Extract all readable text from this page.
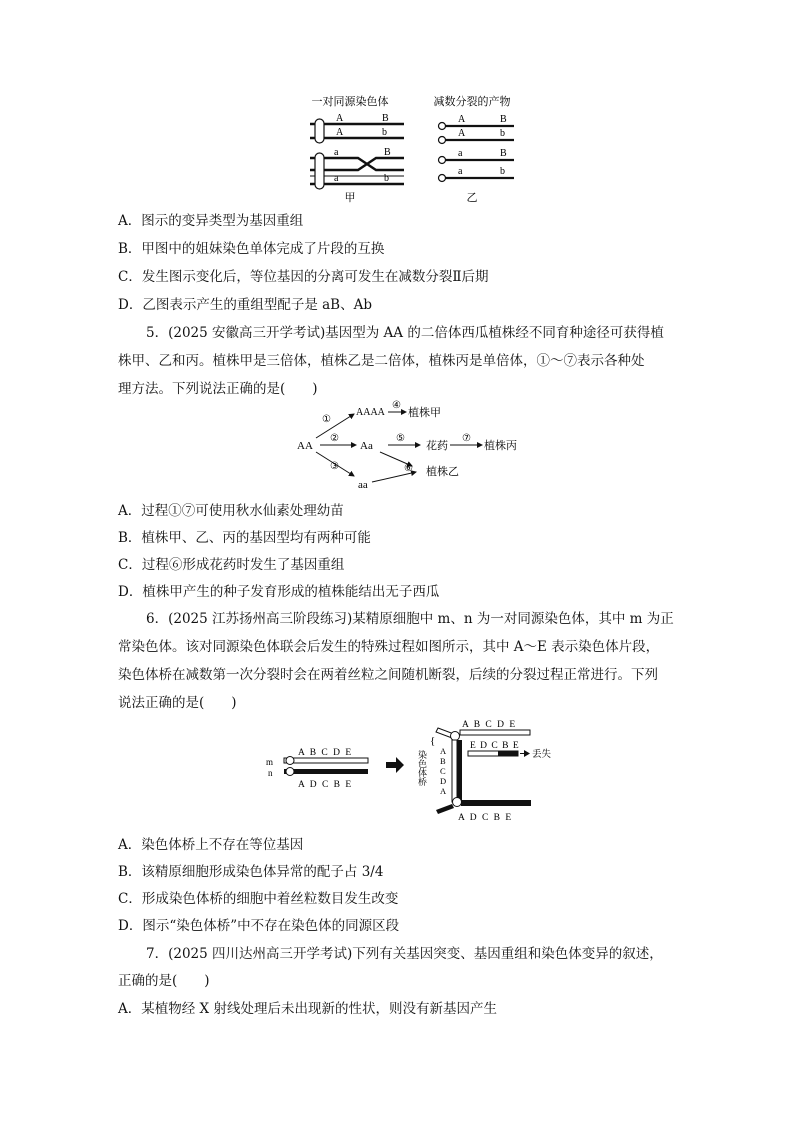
一对同源染色体	减数分裂的产物
A	B
A	b
a	B
a	b
甲
A	B
A	b
a	B
a	b
乙
A．图示的变异类型为基因重组
B．甲图中的姐妹染色单体完成了片段的互换
C．发生图示变化后，等位基因的分离可发生在减数分裂Ⅱ后期
D．乙图表示产生的重组型配子是 aB、Ab
5．(2025 安徽高三开学考试)基因型为 AA 的二倍体西瓜植株经不同育种途径可获得植
株甲、乙和丙。植株甲是三倍体，植株乙是二倍体，植株丙是单倍体，①～⑦表示各种处
理方法。下列说法正确的是(　　)
AA
AAAA
Aa
aa
花药
植株甲
植株丙
植株乙
①
②
③
④
⑤	⑦
⑥
A．过程①⑦可使用秋水仙素处理幼苗
B．植株甲、乙、丙的基因型均有两种可能
C．过程⑥形成花药时发生了基因重组
D．植株甲产生的种子发育形成的植株能结出无子西瓜
6．(2025 江苏扬州高三阶段练习)某精原细胞中 m、n 为一对同源染色体，其中 m 为正
常染色体。该对同源染色体联会后发生的特殊过程如图所示，其中 A～E 表示染色体片段，
染色体桥在减数第一次分裂时会在两着丝粒之间随机断裂，后续的分裂过程正常进行。下列
说法正确的是(　　)
m
n
A B C D E
A D C B E
A B C D E
E D C B E
丢失
染色体桥
{
A
B
C
D
A
A D C B E
A．染色体桥上不存在等位基因
B．该精原细胞形成染色体异常的配子占 3/4
C．形成染色体桥的细胞中着丝粒数目发生改变
D．图示“染色体桥”中不存在染色体的同源区段
7．(2025 四川达州高三开学考试)下列有关基因突变、基因重组和染色体变异的叙述，
正确的是(　　)
A．某植物经 X 射线处理后未出现新的性状，则没有新基因产生
